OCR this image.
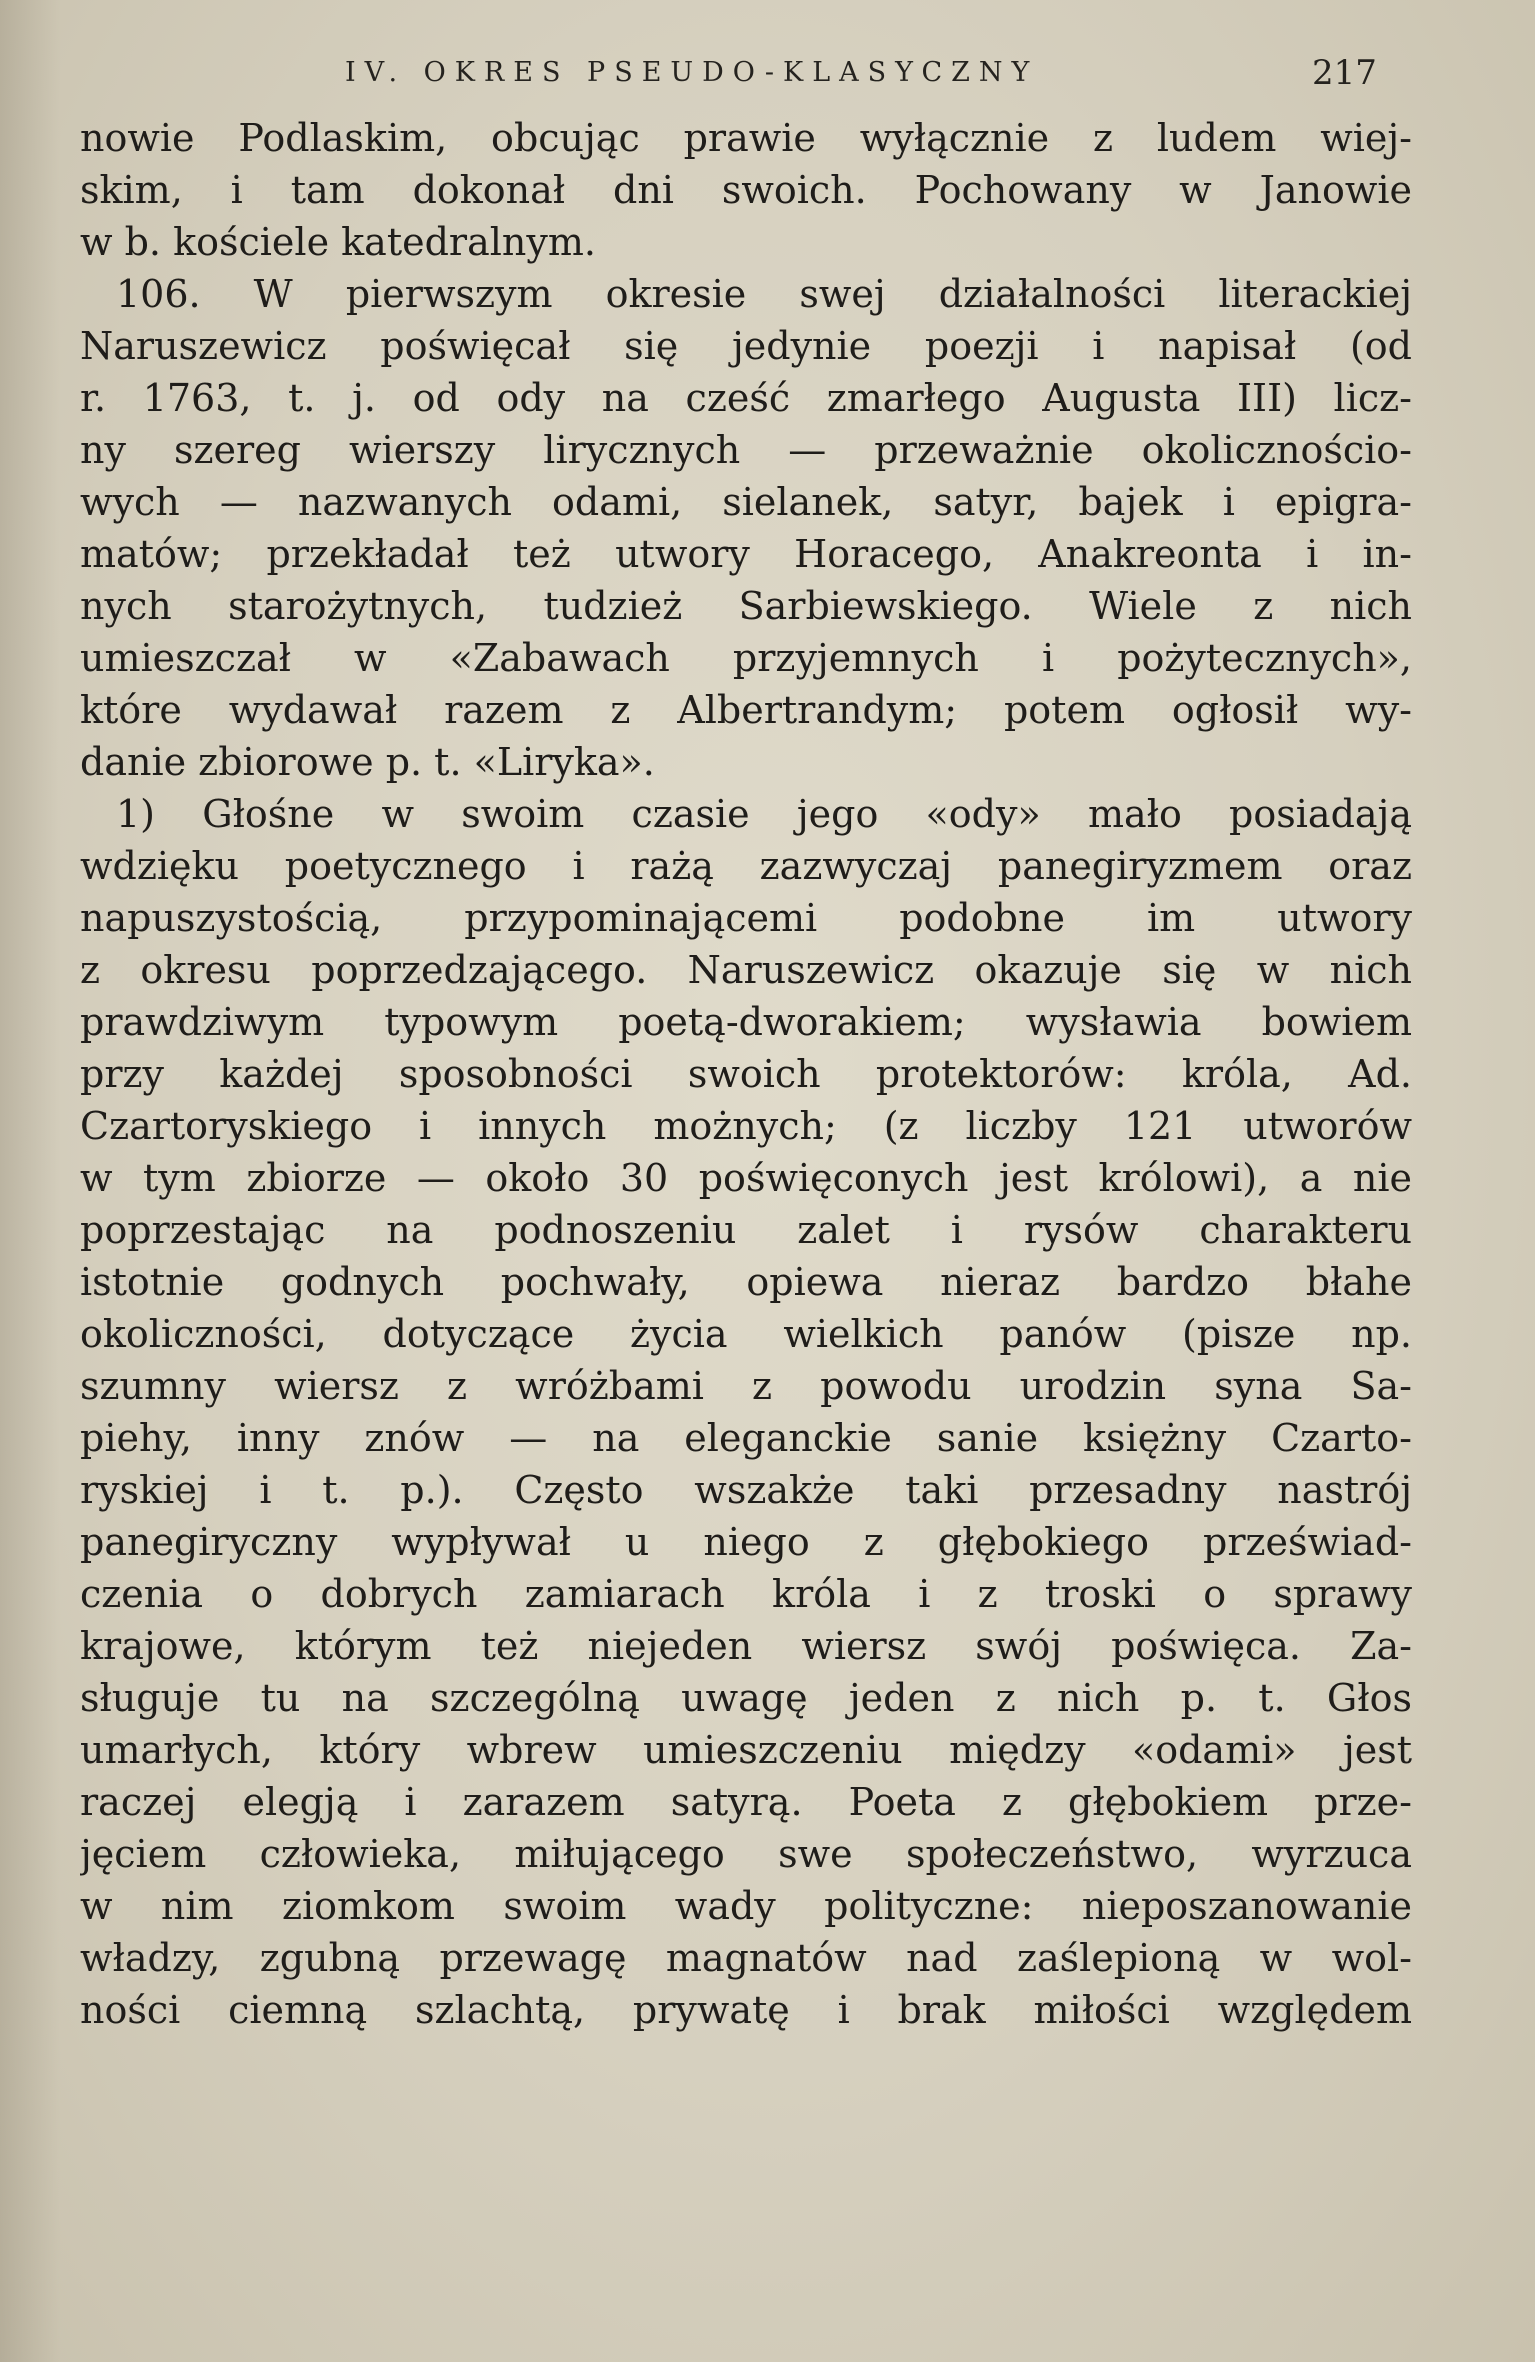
IV. OKRES PSEUDO-KLASYCZNY	217
nowie Podlaskim, obcując prawie wyłącznie z ludem wiej-
skim, i tam dokonał dni swoich. Pochowany w Janowie
w b. kościele katedralnym.
106. W pierwszym okresie swej działalności literackiej
Naruszewicz poświęcał się jedynie poezji i napisał (od
r. 1763, t. j. od ody na cześć zmarłego Augusta III) licz-
ny szereg wierszy lirycznych — przeważnie okolicznościo-
wych — nazwanych odami, sielanek, satyr, bajek i epigra-
matów; przekładał też utwory Horacego, Anakreonta i in-
nych starożytnych, tudzież Sarbiewskiego. Wiele z nich
umieszczał w «Zabawach przyjemnych i pożytecznych»,
które wydawał razem z Albertrandym; potem ogłosił wy-
danie zbiorowe p. t. «Liryka».
1) Głośne w swoim czasie jego «ody» mało posiadają
wdzięku poetycznego i rażą zazwyczaj panegiryzmem oraz
napuszystością, przypominającemi podobne im utwory
z okresu poprzedzającego. Naruszewicz okazuje się w nich
prawdziwym typowym poetą-dworakiem; wysławia bowiem
przy każdej sposobności swoich protektorów: króla, Ad.
Czartoryskiego i innych możnych; (z liczby 121 utworów
w tym zbiorze — około 30 poświęconych jest królowi), a nie
poprzestając na podnoszeniu zalet i rysów charakteru
istotnie godnych pochwały, opiewa nieraz bardzo błahe
okoliczności, dotyczące życia wielkich panów (pisze np.
szumny wiersz z wróżbami z powodu urodzin syna Sa-
piehy, inny znów — na eleganckie sanie księżny Czarto-
ryskiej i t. p.). Często wszakże taki przesadny nastrój
panegiryczny wypływał u niego z głębokiego przeświad-
czenia o dobrych zamiarach króla i z troski o sprawy
krajowe, którym też niejeden wiersz swój poświęca. Za-
sługuje tu na szczególną uwagę jeden z nich p. t. Głos
umarłych, który wbrew umieszczeniu między «odami» jest
raczej elegją i zarazem satyrą. Poeta z głębokiem prze-
jęciem człowieka, miłującego swe społeczeństwo, wyrzuca
w nim ziomkom swoim wady polityczne: nieposzanowanie
władzy, zgubną przewagę magnatów nad zaślepioną w wol-
ności ciemną szlachtą, prywatę i brak miłości względem
